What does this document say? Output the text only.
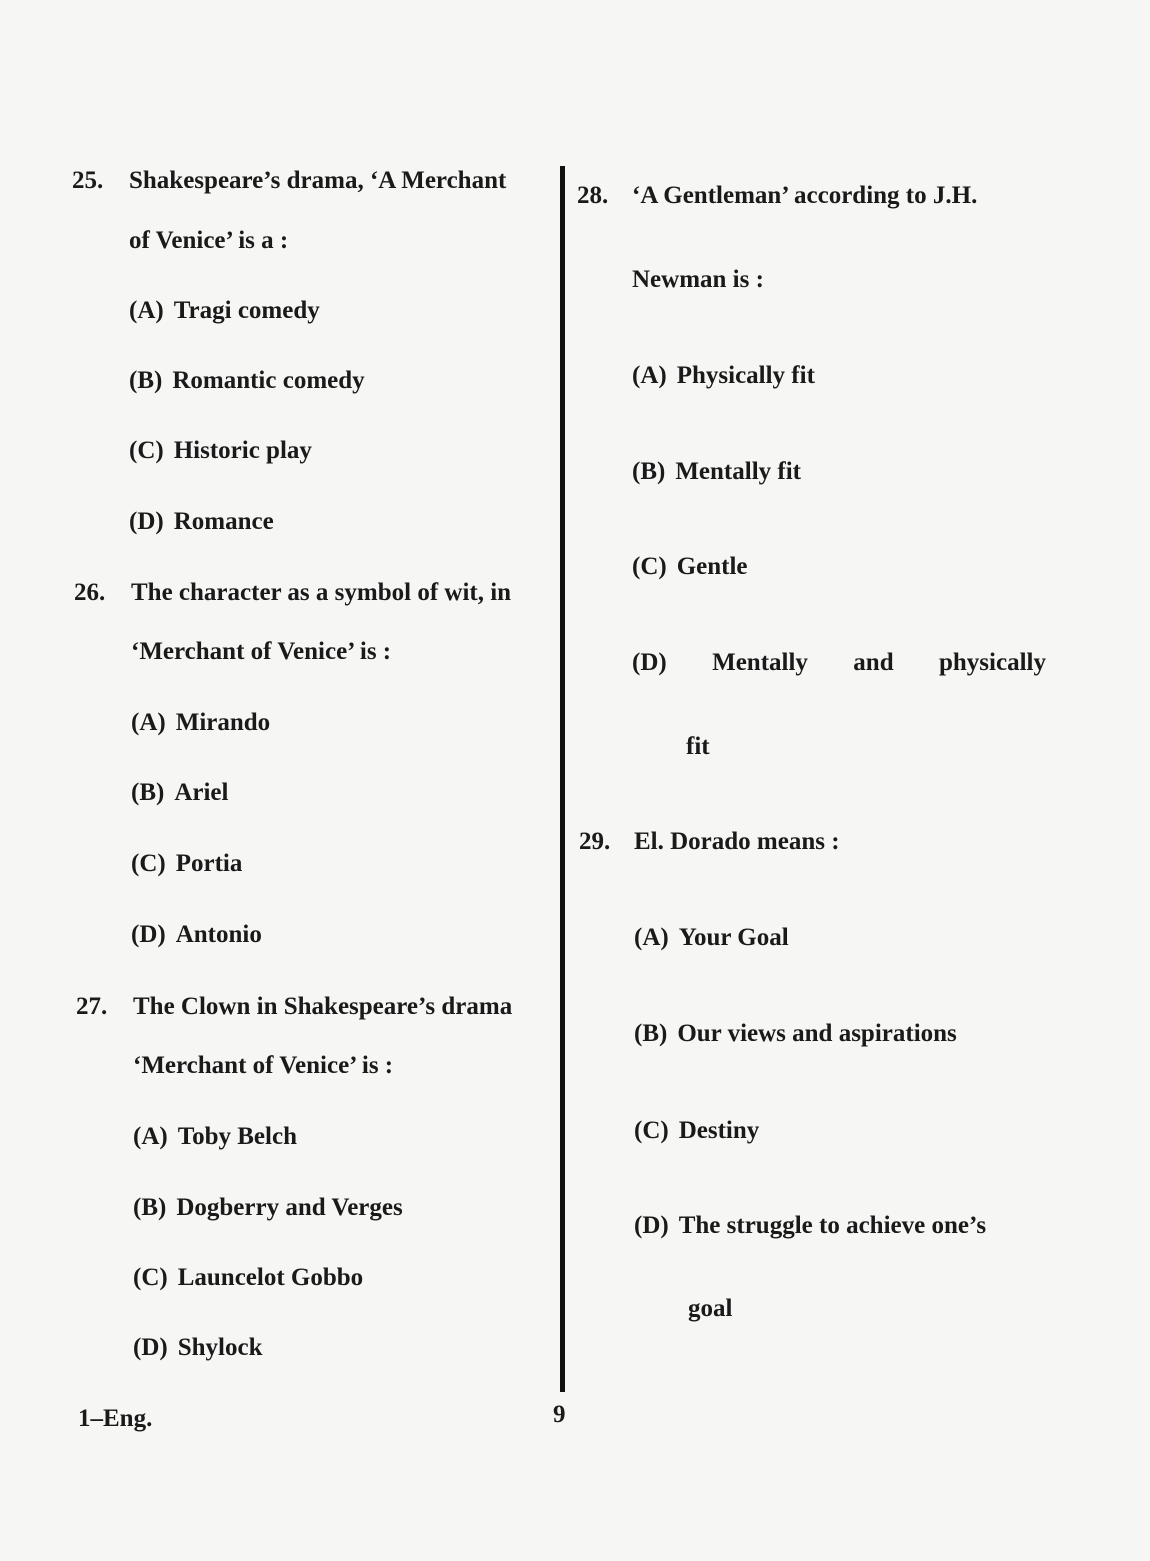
25. Shakespeare’s drama, ‘A Merchant
of Venice’ is a :
(A) Tragi comedy
(B) Romantic comedy
(C) Historic play
(D) Romance
26. The character as a symbol of wit, in
‘Merchant of Venice’ is :
(A) Mirando
(B) Ariel
(C) Portia
(D) Antonio
27. The Clown in Shakespeare’s drama
‘Merchant of Venice’ is :
(A) Toby Belch
(B) Dogberry and Verges
(C) Launcelot Gobbo
(D) Shylock
28. ‘A Gentleman’ according to J.H.
Newman is :
(A) Physically fit
(B) Mentally fit
(C) Gentle
(D) Mentally and physically
fit
29. El. Dorado means :
(A) Your Goal
(B) Our views and aspirations
(C) Destiny
(D) The struggle to achieve one’s
goal
1–Eng.	9
